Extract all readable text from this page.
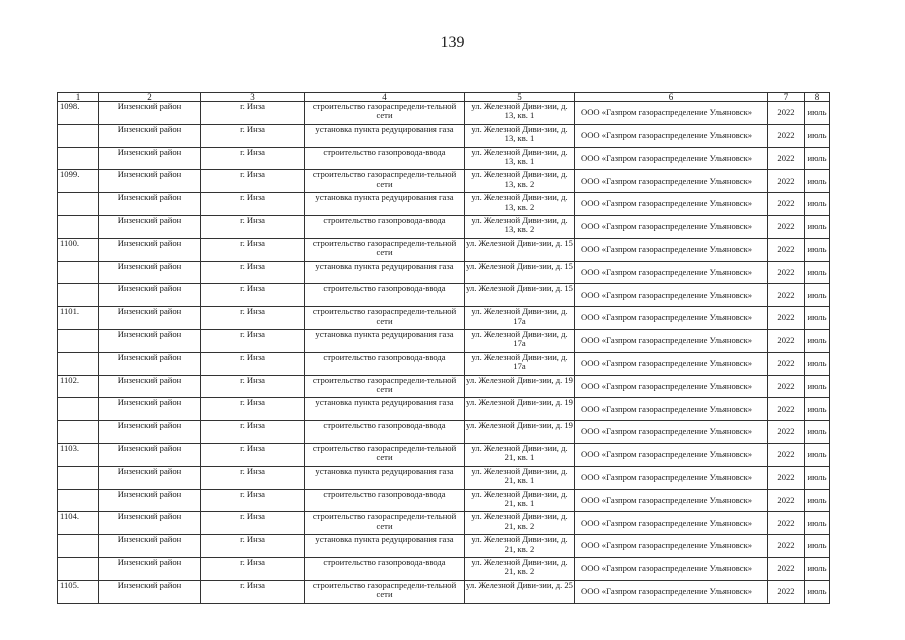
139
1	2	3	4	5	6	7	8
1098.	Инзенский район	г. Инза	строительство газораспредели-тельной сети	ул. Железной Диви-зии, д. 13, кв. 1	ООО «Газпром газораспределение Ульяновск»	2022	июль
	Инзенский район	г. Инза	установка пункта редуцирования газа	ул. Железной Диви-зии, д. 13, кв. 1	ООО «Газпром газораспределение Ульяновск»	2022	июль
	Инзенский район	г. Инза	строительство газопровода-ввода	ул. Железной Диви-зии, д. 13, кв. 1	ООО «Газпром газораспределение Ульяновск»	2022	июль
1099.	Инзенский район	г. Инза	строительство газораспредели-тельной сети	ул. Железной Диви-зии, д. 13, кв. 2	ООО «Газпром газораспределение Ульяновск»	2022	июль
	Инзенский район	г. Инза	установка пункта редуцирования газа	ул. Железной Диви-зии, д. 13, кв. 2	ООО «Газпром газораспределение Ульяновск»	2022	июль
	Инзенский район	г. Инза	строительство газопровода-ввода	ул. Железной Диви-зии, д. 13, кв. 2	ООО «Газпром газораспределение Ульяновск»	2022	июль
1100.	Инзенский район	г. Инза	строительство газораспредели-тельной сети	ул. Железной Диви-зии, д. 15	ООО «Газпром газораспределение Ульяновск»	2022	июль
	Инзенский район	г. Инза	установка пункта редуцирования газа	ул. Железной Диви-зии, д. 15	ООО «Газпром газораспределение Ульяновск»	2022	июль
	Инзенский район	г. Инза	строительство газопровода-ввода	ул. Железной Диви-зии, д. 15	ООО «Газпром газораспределение Ульяновск»	2022	июль
1101.	Инзенский район	г. Инза	строительство газораспредели-тельной сети	ул. Железной Диви-зии, д. 17а	ООО «Газпром газораспределение Ульяновск»	2022	июль
	Инзенский район	г. Инза	установка пункта редуцирования газа	ул. Железной Диви-зии, д. 17а	ООО «Газпром газораспределение Ульяновск»	2022	июль
	Инзенский район	г. Инза	строительство газопровода-ввода	ул. Железной Диви-зии, д. 17а	ООО «Газпром газораспределение Ульяновск»	2022	июль
1102.	Инзенский район	г. Инза	строительство газораспредели-тельной сети	ул. Железной Диви-зии, д. 19	ООО «Газпром газораспределение Ульяновск»	2022	июль
	Инзенский район	г. Инза	установка пункта редуцирования газа	ул. Железной Диви-зии, д. 19	ООО «Газпром газораспределение Ульяновск»	2022	июль
	Инзенский район	г. Инза	строительство газопровода-ввода	ул. Железной Диви-зии, д. 19	ООО «Газпром газораспределение Ульяновск»	2022	июль
1103.	Инзенский район	г. Инза	строительство газораспредели-тельной сети	ул. Железной Диви-зии, д. 21, кв. 1	ООО «Газпром газораспределение Ульяновск»	2022	июль
	Инзенский район	г. Инза	установка пункта редуцирования газа	ул. Железной Диви-зии, д. 21, кв. 1	ООО «Газпром газораспределение Ульяновск»	2022	июль
	Инзенский район	г. Инза	строительство газопровода-ввода	ул. Железной Диви-зии, д. 21, кв. 1	ООО «Газпром газораспределение Ульяновск»	2022	июль
1104.	Инзенский район	г. Инза	строительство газораспредели-тельной сети	ул. Железной Диви-зии, д. 21, кв. 2	ООО «Газпром газораспределение Ульяновск»	2022	июль
	Инзенский район	г. Инза	установка пункта редуцирования газа	ул. Железной Диви-зии, д. 21, кв. 2	ООО «Газпром газораспределение Ульяновск»	2022	июль
	Инзенский район	г. Инза	строительство газопровода-ввода	ул. Железной Диви-зии, д. 21, кв. 2	ООО «Газпром газораспределение Ульяновск»	2022	июль
1105.	Инзенский район	г. Инза	строительство газораспредели-тельной сети	ул. Железной Диви-зии, д. 25	ООО «Газпром газораспределение Ульяновск»	2022	июль
